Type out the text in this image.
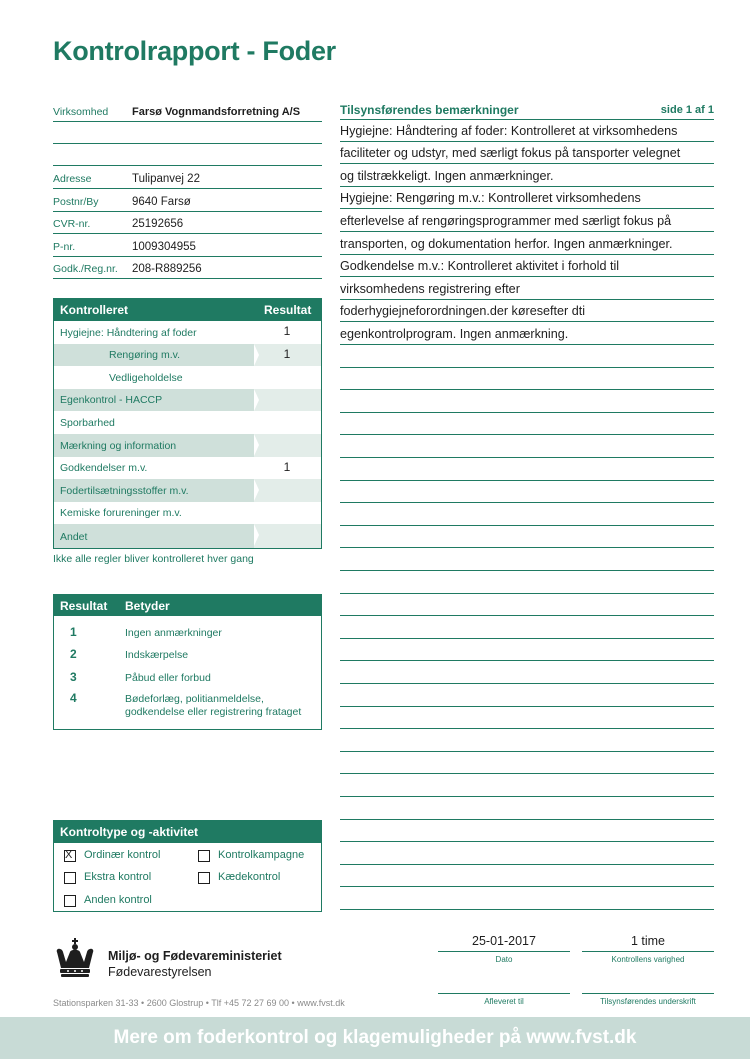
Kontrolrapport - Foder
Virksomhed Farsø Vognmandsforretning A/S
Adresse	Tulipanvej 22
Postnr/By	9640 Farsø
CVR-nr.	25192656
P-nr.	1009304955
Godk./Reg.nr. 208-R889256
Tilsynsførendes bemærkninger	side 1 af 1
Hygiejne: Håndtering af foder: Kontrolleret at virksomhedens
faciliteter og udstyr, med særligt fokus på tansporter velegnet
og tilstrækkeligt. Ingen anmærkninger.
Hygiejne: Rengøring m.v.: Kontrolleret virksomhedens
efterlevelse af rengøringsprogrammer med særligt fokus på
transporten, og dokumentation herfor. Ingen anmærkninger.
Godkendelse m.v.: Kontrolleret aktivitet i forhold til
virksomhedens registrering efter
foderhygiejneforordningen.der køresefter dti
egenkontrolprogram. Ingen anmærkning.
Kontrolleret	Resultat
Hygiejne: Håndtering af foder	1
Rengøring m.v.	1
Vedligeholdelse
Egenkontrol - HACCP
Sporbarhed
Mærkning og information
Godkendelser m.v.	1
Fodertilsætningsstoffer m.v.
Kemiske forureninger m.v.
Andet
Ikke alle regler bliver kontrolleret hver gang
Resultat Betyder
1	Ingen anmærkninger
2	Indskærpelse
3	Påbud eller forbud
4	Bødeforlæg, politianmeldelse,
godkendelse eller registrering frataget
Kontroltype og -aktivitet
X Ordinær kontrol	Kontrolkampagne
Ekstra kontrol	Kædekontrol
Anden kontrol
Miljø- og Fødevareministeriet
Fødevarestyrelsen
Stationsparken 31-33 • 2600 Glostrup • Tlf +45 72 27 69 00 • www.fvst.dk
25-01-2017
Dato
1 time
Kontrollens varighed
Afleveret til	Tilsynsførendes underskrift
Mere om foderkontrol og klagemuligheder på www.fvst.dk
